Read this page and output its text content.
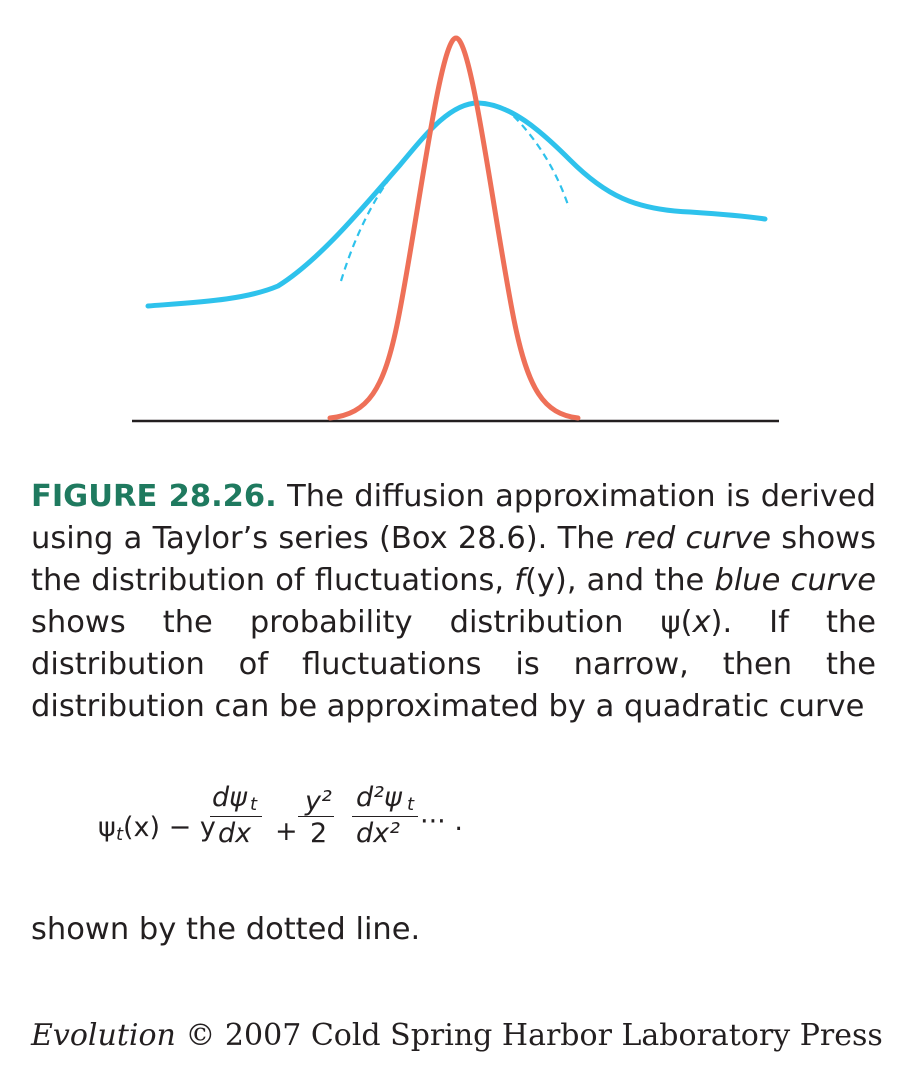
FIGURE 28.26. The diffusion approximation is derived using a Taylor’s series (Box 28.6). The red curve shows the distribution of fluctuations, f(y), and the blue curve shows the probability distribution ψ(x). If the distribution of fluctuations is narrow, then the distribution can be approximated by a quadratic curve
ψ t (x) − y
dψ t
dx +
y²
2
d²ψ t
dx² ··· .
shown by the dotted line.
Evolution © 2007 Cold Spring Harbor Laboratory Press
